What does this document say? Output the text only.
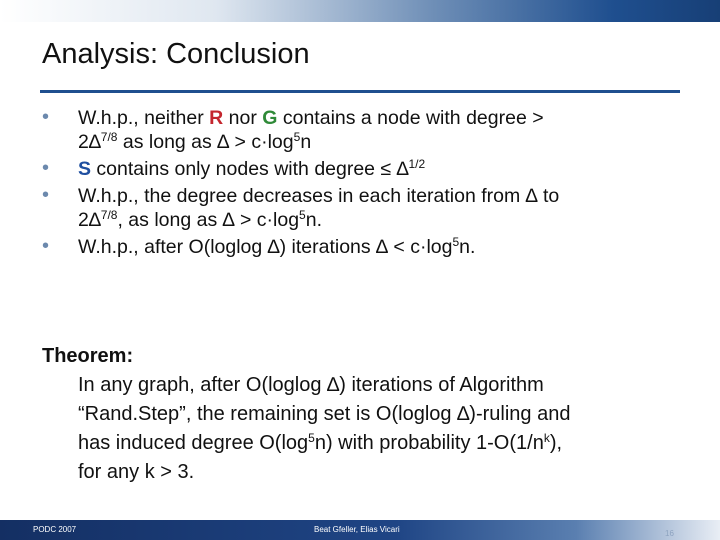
Analysis: Conclusion
•	W.h.p., neither R nor G contains a node with degree >
2∆$^{7/8}$ as long as ∆ > $c\cdot\log^5n$
•	S contains only nodes with degree ≤ ∆$^{1/2}$
•	W.h.p., the degree decreases in each iteration from ∆ to
2∆$^{7/8}$, as long as ∆ > $c\cdot\log^5n$.
•	W.h.p., after O(loglog ∆) iterations ∆ < $c\cdot\log^5n$.
Theorem:
In any graph, after O(loglog ∆) iterations of Algorithm
“Rand.Step”, the remaining set is O(loglog ∆)-ruling and
has induced degree $O(\log^5n)$ with probability $1-O(1/n^k)$,
for any k > 3.
PODC 2007	Beat Gfeller, Elias Vicari	16
